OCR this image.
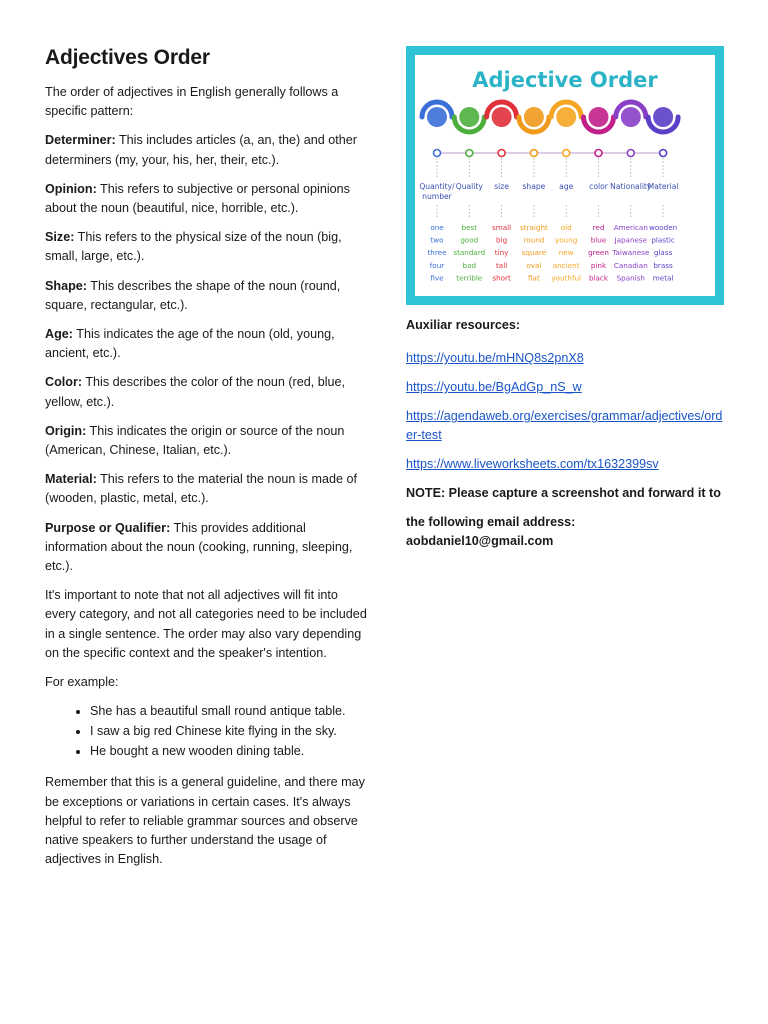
Adjectives Order

The order of adjectives in English generally follows a specific pattern:

Determiner: This includes articles (a, an, the) and other determiners (my, your, his, her, their, etc.).

Opinion: This refers to subjective or personal opinions about the noun (beautiful, nice, horrible, etc.).

Size: This refers to the physical size of the noun (big, small, large, etc.).

Shape: This describes the shape of the noun (round, square, rectangular, etc.).

Age: This indicates the age of the noun (old, young, ancient, etc.).

Color: This describes the color of the noun (red, blue, yellow, etc.).

Origin: This indicates the origin or source of the noun (American, Chinese, Italian, etc.).

Material: This refers to the material the noun is made of (wooden, plastic, metal, etc.).

Purpose or Qualifier: This provides additional information about the noun (cooking, running, sleeping, etc.).

It's important to note that not all adjectives will fit into every category, and not all categories need to be included in a single sentence. The order may also vary depending on the specific context and the speaker's intention.

For example:

• She has a beautiful small round antique table.
• I saw a big red Chinese kite flying in the sky.
• He bought a new wooden dining table.

Remember that this is a general guideline, and there may be exceptions or variations in certain cases. It's always helpful to refer to reliable grammar sources and observe native speakers to further understand the usage of adjectives in English.

Adjective Order
Quantity/
number
one
two
three
four
five
Quality
best
good
standard
bad
terrible
size
small
big
tiny
tall
short
shape
straight
round
square
oval
flat
age
old
young
new
ancient
youthful
color
red
blue
green
pink
black
Nationality
American
Japanese
Taiwanese
Canadian
Spanish
Material
wooden
plastic
glass
brass
metal

Auxiliar resources:

https://youtu.be/mHNQ8s2pnX8
https://youtu.be/BgAdGp_nS_w
https://agendaweb.org/exercises/grammar/adjectives/order-test
https://www.liveworksheets.com/tx1632399sv

NOTE: Please capture a screenshot and forward it to

the following email address: aobdaniel10@gmail.com
